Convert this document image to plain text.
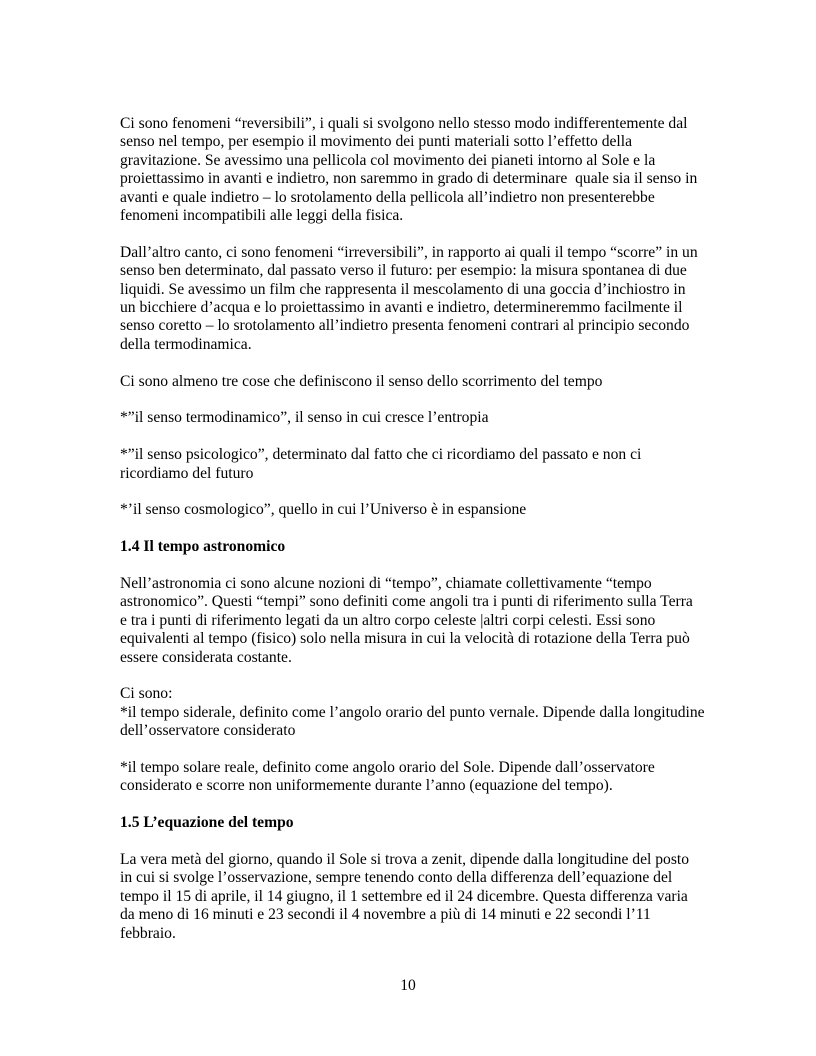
Ci sono fenomeni “reversibili”, i quali si svolgono nello stesso modo indifferentemente dal
senso nel tempo, per esempio il movimento dei punti materiali sotto l’effetto della
gravitazione. Se avessimo una pellicola col movimento dei pianeti intorno al Sole e la
proiettassimo in avanti e indietro, non saremmo in grado di determinare  quale sia il senso in
avanti e quale indietro – lo srotolamento della pellicola all’indietro non presenterebbe
fenomeni incompatibili alle leggi della fisica.
Dall’altro canto, ci sono fenomeni “irreversibili”, in rapporto ai quali il tempo “scorre” in un
senso ben determinato, dal passato verso il futuro: per esempio: la misura spontanea di due
liquidi. Se avessimo un film che rappresenta il mescolamento di una goccia d’inchiostro in
un bicchiere d’acqua e lo proiettassimo in avanti e indietro, determineremmo facilmente il
senso coretto – lo srotolamento all’indietro presenta fenomeni contrari al principio secondo
della termodinamica.
Ci sono almeno tre cose che definiscono il senso dello scorrimento del tempo
*”il senso termodinamico”, il senso in cui cresce l’entropia
*”il senso psicologico”, determinato dal fatto che ci ricordiamo del passato e non ci
ricordiamo del futuro
*’il senso cosmologico”, quello in cui l’Universo è in espansione
1.4 Il tempo astronomico
Nell’astronomia ci sono alcune nozioni di “tempo”, chiamate collettivamente “tempo
astronomico”. Questi “tempi” sono definiti come angoli tra i punti di riferimento sulla Terra
e tra i punti di riferimento legati da un altro corpo celeste |altri corpi celesti. Essi sono
equivalenti al tempo (fisico) solo nella misura in cui la velocità di rotazione della Terra può
essere considerata costante.
Ci sono:
*il tempo siderale, definito come l’angolo orario del punto vernale. Dipende dalla longitudine
dell’osservatore considerato
*il tempo solare reale, definito come angolo orario del Sole. Dipende dall’osservatore
considerato e scorre non uniformemente durante l’anno (equazione del tempo).
1.5 L’equazione del tempo
La vera metà del giorno, quando il Sole si trova a zenit, dipende dalla longitudine del posto
in cui si svolge l’osservazione, sempre tenendo conto della differenza dell’equazione del
tempo il 15 di aprile, il 14 giugno, il 1 settembre ed il 24 dicembre. Questa differenza varia
da meno di 16 minuti e 23 secondi il 4 novembre a più di 14 minuti e 22 secondi l’11
febbraio.
10
